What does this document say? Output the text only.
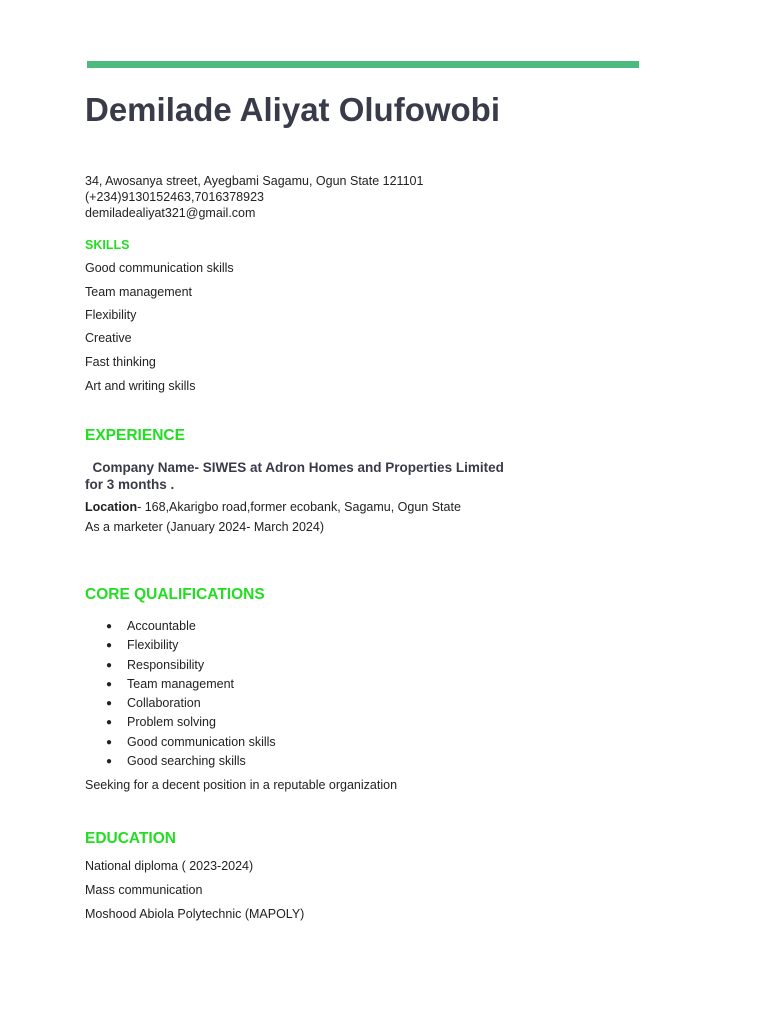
Demilade Aliyat Olufowobi
34, Awosanya street, Ayegbami Sagamu, Ogun State 121101
(+234)9130152463,7016378923
demiladealiyat321@gmail.com
SKILLS
Good communication skills
Team management
Flexibility
Creative
Fast thinking
Art and writing skills
EXPERIENCE
Company Name- SIWES at Adron Homes and Properties Limited
for 3 months .
Location- 168,Akarigbo road,former ecobank, Sagamu, Ogun State
As a marketer (January 2024- March 2024)
CORE QUALIFICATIONS
● Accountable
● Flexibility
● Responsibility
● Team management
● Collaboration
● Problem solving
● Good communication skills
● Good searching skills
Seeking for a decent position in a reputable organization
EDUCATION
National diploma ( 2023-2024)
Mass communication
Moshood Abiola Polytechnic (MAPOLY)
